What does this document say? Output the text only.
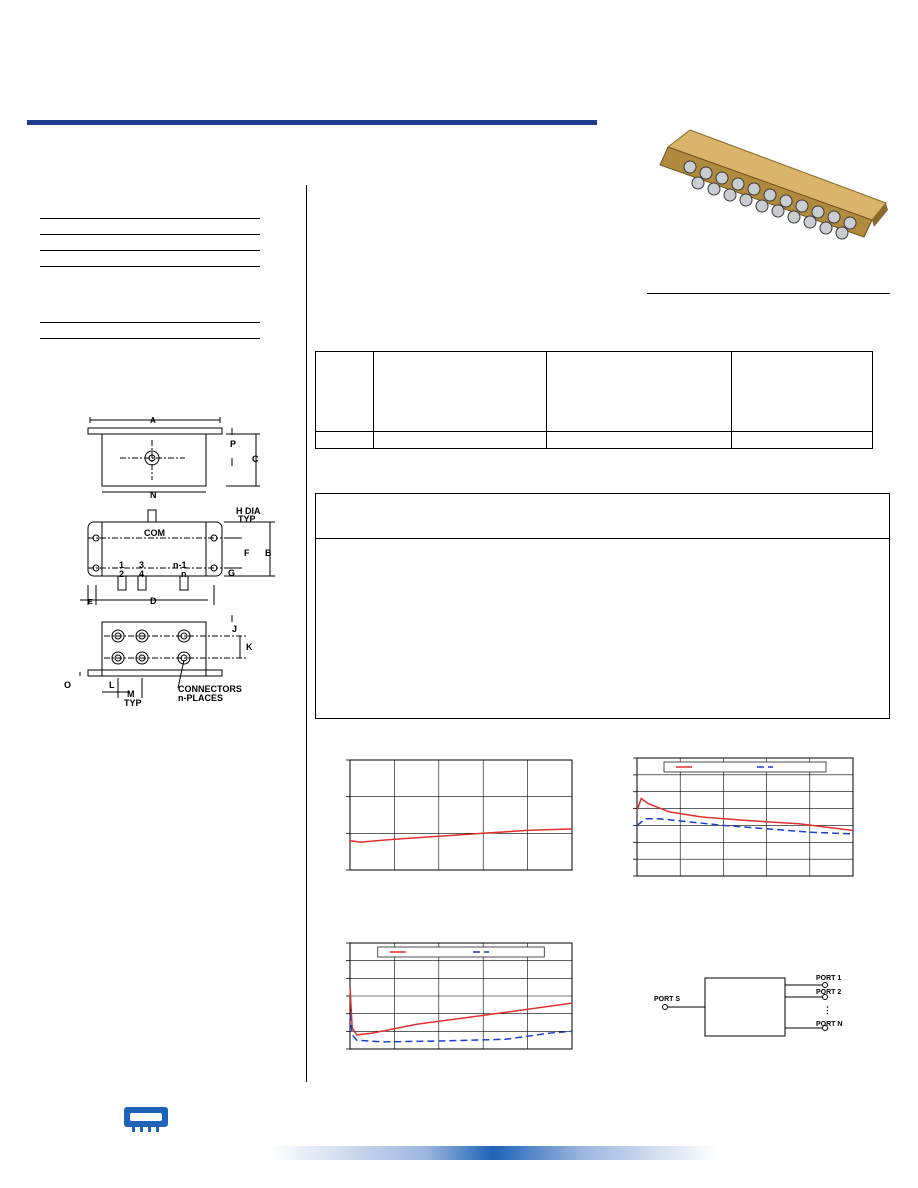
A
P
C
N
COM
H DIA
TYP
B
F
G
E	D
1
2
3
4
n-1
n
J
K
O	L
M
TYP
CONNECTORS
n-PLACES
PORT S
PORT 1
PORT 2
⋮
PORT N
